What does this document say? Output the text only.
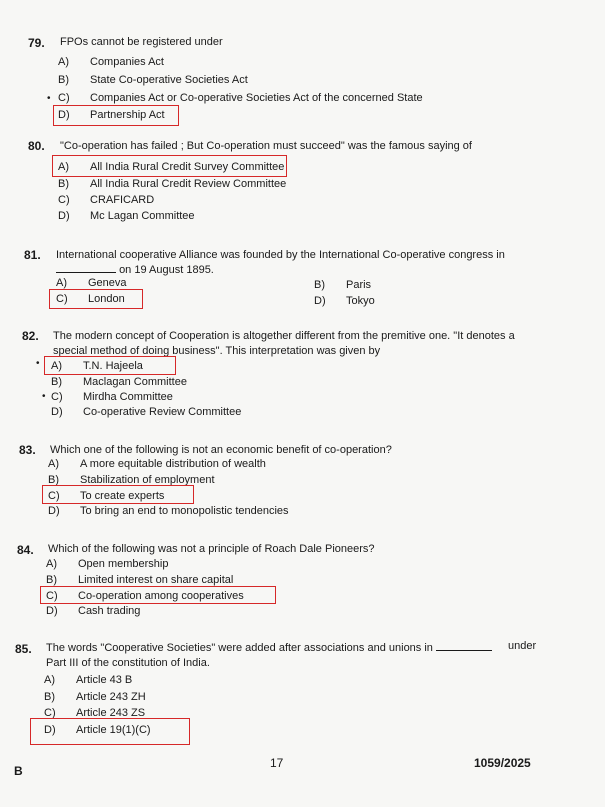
79. FPOs cannot be registered under
A) Companies Act
B) State Co-operative Societies Act
C) Companies Act or Co-operative Societies Act of the concerned State
D) Partnership Act
•
80. "Co-operation has failed ; But Co-operation must succeed" was the famous saying of
A) All India Rural Credit Survey Committee
B) All India Rural Credit Review Committee
C) CRAFICARD
D) Mc Lagan Committee
81. International cooperative Alliance was founded by the International Co-operative congress in
on 19 August 1895.
A) Geneva	B) Paris
C) London	D) Tokyo
82. The modern concept of Cooperation is altogether different from the premitive one. "It denotes a
special method of doing business". This interpretation was given by
A) T.N. Hajeela
B) Maclagan Committee
C) Mirdha Committee
D) Co-operative Review Committee
•
•
83. Which one of the following is not an economic benefit of co-operation?
A) A more equitable distribution of wealth
B) Stabilization of employment
C) To create experts
D) To bring an end to monopolistic tendencies
84. Which of the following was not a principle of Roach Dale Pioneers?
A) Open membership
B) Limited interest on share capital
C) Co-operation among cooperatives
D) Cash trading
85. The words "Cooperative Societies" were added after associations and unions in	under
Part III of the constitution of India.
A) Article 43 B
B) Article 243 ZH
C) Article 243 ZS
D) Article 19(1)(C)
B
17	1059/2025
